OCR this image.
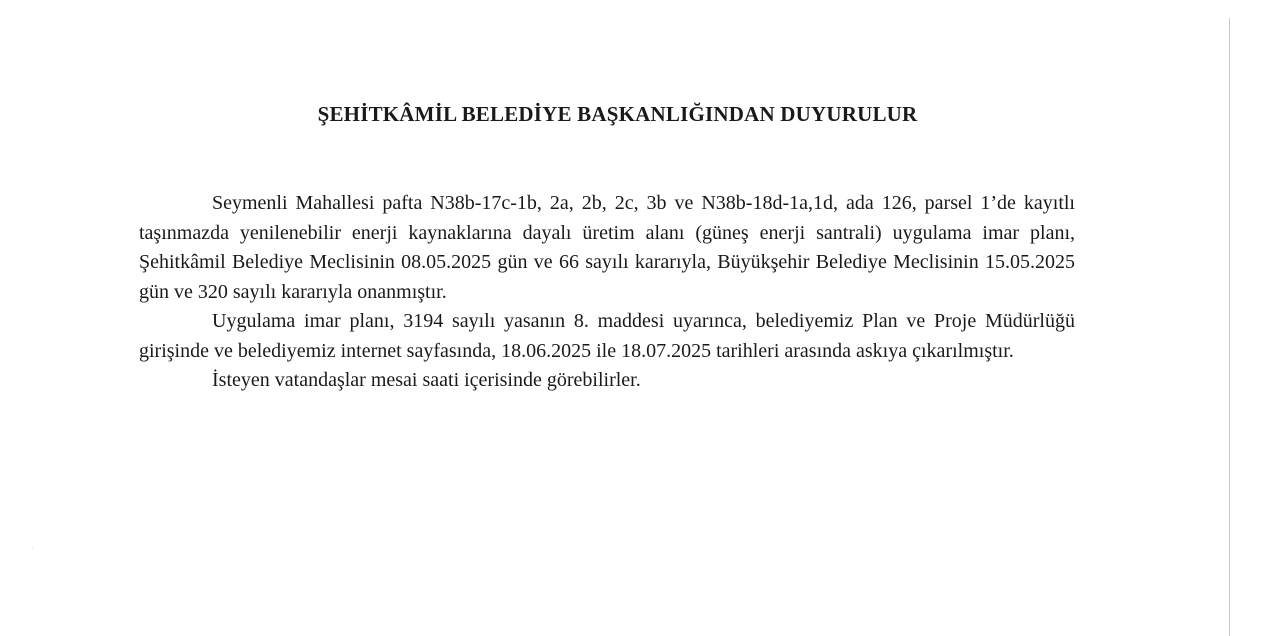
ŞEHİTKÂMİL BELEDİYE BAŞKANLIĞINDAN DUYURULUR

Seymenli Mahallesi pafta N38b-17c-1b, 2a, 2b, 2c, 3b ve N38b-18d-1a,1d, ada 126, parsel 1’de kayıtlı taşınmazda yenilenebilir enerji kaynaklarına dayalı üretim alanı (güneş enerji santrali) uygulama imar planı, Şehitkâmil Belediye Meclisinin 08.05.2025 gün ve 66 sayılı kararıyla, Büyükşehir Belediye Meclisinin 15.05.2025 gün ve 320 sayılı kararıyla onanmıştır.

Uygulama imar planı, 3194 sayılı yasanın 8. maddesi uyarınca, belediyemiz Plan ve Proje Müdürlüğü girişinde ve belediyemiz internet sayfasında, 18.06.2025 ile 18.07.2025 tarihleri arasında askıya çıkarılmıştır.

İsteyen vatandaşlar mesai saati içerisinde görebilirler.
